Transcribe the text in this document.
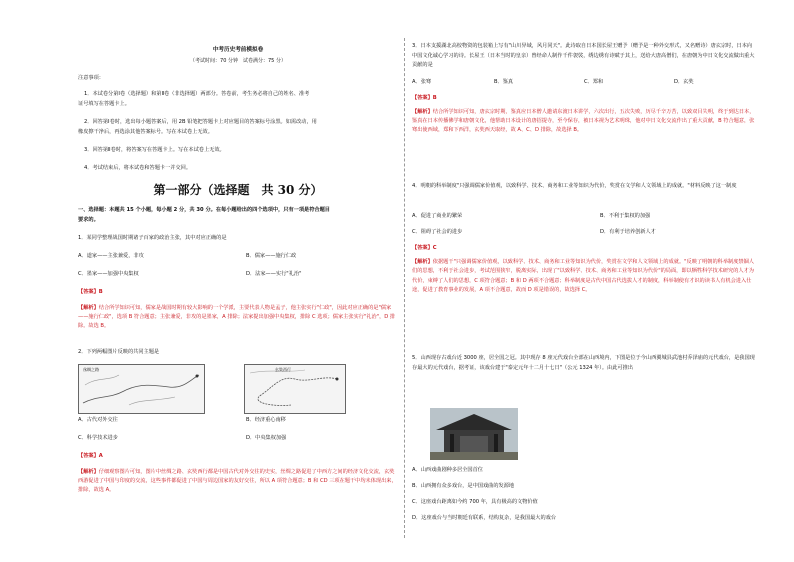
中考历史考前模拟卷
（考试时间：70 分钟　试卷满分：75 分）
注意事项：
1．本试卷分第Ⅰ卷（选择题）和第Ⅱ卷（非选择题）两部分。答卷前，考生务必将自己的姓名、准考
证号填写在答题卡上。
2．回答第Ⅰ卷时，选出每小题答案后，用 2B 铅笔把答题卡上对应题目的答案标号涂黑。如需改动，用
橡皮擦干净后，再选涂其他答案标号。写在本试卷上无效。
3．回答第Ⅱ卷时，将答案写在答题卡上。写在本试卷上无效。
4．考试结束后，将本试卷和答题卡一并交回。
第一部分（选择题　共 30 分）
一、选择题：本题共 15 个小题，每小题 2 分，共 30 分。在每小题给出的四个选项中，只有一项是符合题目
要求的。
1．某同学整理战国时期诸子百家的政治主张，其中对应正确的是
A．道家——主张兼爱，非攻	B．儒家——施行仁政
C．墨家——加强中央集权	D．法家——实行"礼治"
【答案】B
【解析】结合所学知识可知，儒家是战国时期有较大影响的一个学派，主要代表人物是孟子，他主张实行"仁政"，因此对应正确的是"儒家——施行仁政"，选项 B 符合题意；主张兼爱，非攻的是墨家，A 排除；法家提出加强中央集权，排除 C 选项；儒家主张实行"礼治"，D 排除。故选 B。
2．下列两幅图片反映的共同主题是
丝绸之路	玄奘西行
A．古代对外交往	B．经济重心南移
C．科学技术进步	D．中央集权加强
【答案】A
【解析】仔细观察图片可知，图片中丝绸之路、玄奘西行都是中国古代对外交往的史实，丝绸之路促进了中西方之间的经济文化交流，玄奘西游促进了中国与印度的交流，这些事件都促进了中国与周边国家的友好交往，所以 A 项符合题意；B 和 CD 三项在题干中均未体现出来，排除，故选 A。
3．日本支援湖北高校物资的包装箱上写有"山川异域，风月同天"。此诗取自日本国长屋王赠予（赠予是一种外交形式，又名赠诗）唐玄宗时，日本向中国文化诚心学习的诗。长屋王（日本当时的皇亲）曾经命人制作千件袈裟，绣边绣有诗赋于其上，送给大唐高僧们，在唐朝为中日文化交流做出重大贡献的是
A．张骞	B．鉴真	C．郑和	D．玄奘
【答案】B
【解析】结合所学知识可知，唐玄宗时期，鉴真应日本僧人邀请东渡日本讲学，六次出行，五次失败，历尽千辛万苦，以致双目失明，终于到达日本，鉴真在日本传播佛学和唐朝文化，他帮助日本设计的唐招提寺，至今保存，被日本视为艺术明珠，他对中日文化交流作出了重大贡献，B 符合题意，张骞出使西域，郑和下西洋，玄奘西天取经，故 A、C、D 排除，故选择 B。
4．明朝的科举制度"只强调儒家价值观，以致科学、技术、商务和工业等知识为代价，奖赏在文学和人文领域上的成就。"材料反映了这一制度
A．促进了商业的繁荣	B．不利于集权的加强
C．阻碍了社会的进步	D．有利于培养创新人才
【答案】C
【解析】依据题干"只强调儒家价值观，以致科学、技术、商务和工业等知识为代价，奖赏在文学和人文领域上的成就。"反映了明朝的科举制度禁锢人们的思想，不利于社会进步，考试范围狭窄，脱离实际，出现了"以致科学、技术、商务和工业等知识为代价"的局面，即以牺牲科学技术研究的人才为代价，束缚了人们的思想，C 项符合题意；B 和 D 两项不合题意；科举制度是古代中国古代选拔人才的制度，科举制使有才识的读书人有机会进入仕途，促进了教育事业的发展，A 项不合题意，故而 D 项是错误的，故选择 C。
5．山西现存古戏台近 3000 座，居全国之冠。其中现存 8 座元代戏台全部在山西境内，下图是位于今山西翼城县武池村乔泽庙的元代戏台，是我国现存最大的元代戏台，据考证，该戏台建于"泰定元年十二月十七日"（公元 1324 年）。由此可推出
A．山西戏曲剧种多居全国首位
B．山西拥有众多戏台，是中国戏曲的发源地
C．这座戏台距离如今约 700 年，具有极高的文物价值
D．这座戏台与当时朝廷有联系，结构复杂，是我国最大的戏台
